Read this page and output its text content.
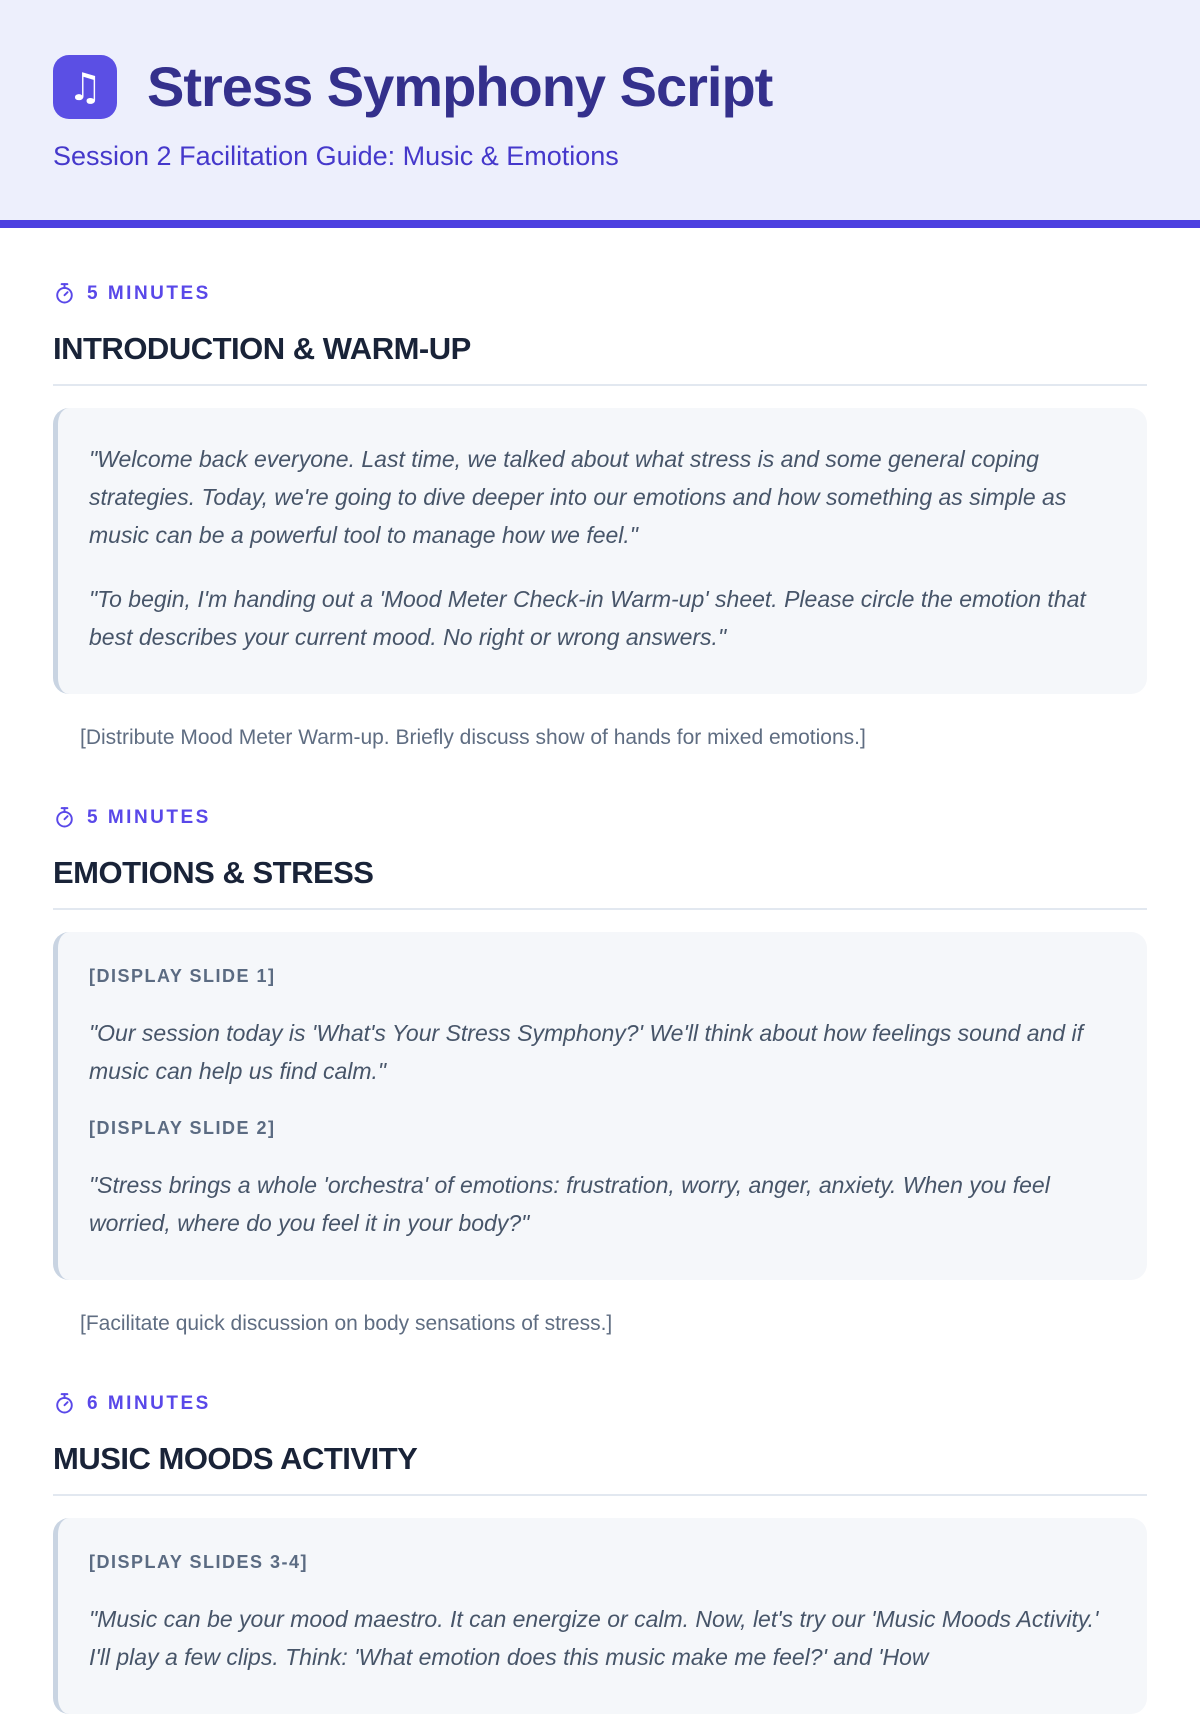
♫ Stress Symphony Script
Session 2 Facilitation Guide: Music & Emotions
5 MINUTES
INTRODUCTION & WARM-UP

"Welcome back everyone. Last time, we talked about what stress is and some general coping strategies. Today, we're going to dive deeper into our emotions and how something as simple as music can be a powerful tool to manage how we feel."

"To begin, I'm handing out a 'Mood Meter Check-in Warm-up' sheet. Please circle the emotion that best describes your current mood. No right or wrong answers."

[Distribute Mood Meter Warm-up. Briefly discuss show of hands for mixed emotions.]

5 MINUTES
EMOTIONS & STRESS

[DISPLAY SLIDE 1]

"Our session today is 'What's Your Stress Symphony?' We'll think about how feelings sound and if music can help us find calm."

[DISPLAY SLIDE 2]

"Stress brings a whole 'orchestra' of emotions: frustration, worry, anger, anxiety. When you feel worried, where do you feel it in your body?"

[Facilitate quick discussion on body sensations of stress.]

6 MINUTES
MUSIC MOODS ACTIVITY

[DISPLAY SLIDES 3-4]

"Music can be your mood maestro. It can energize or calm. Now, let's try our 'Music Moods Activity.' I'll play a few clips. Think: 'What emotion does this music make me feel?' and 'How
